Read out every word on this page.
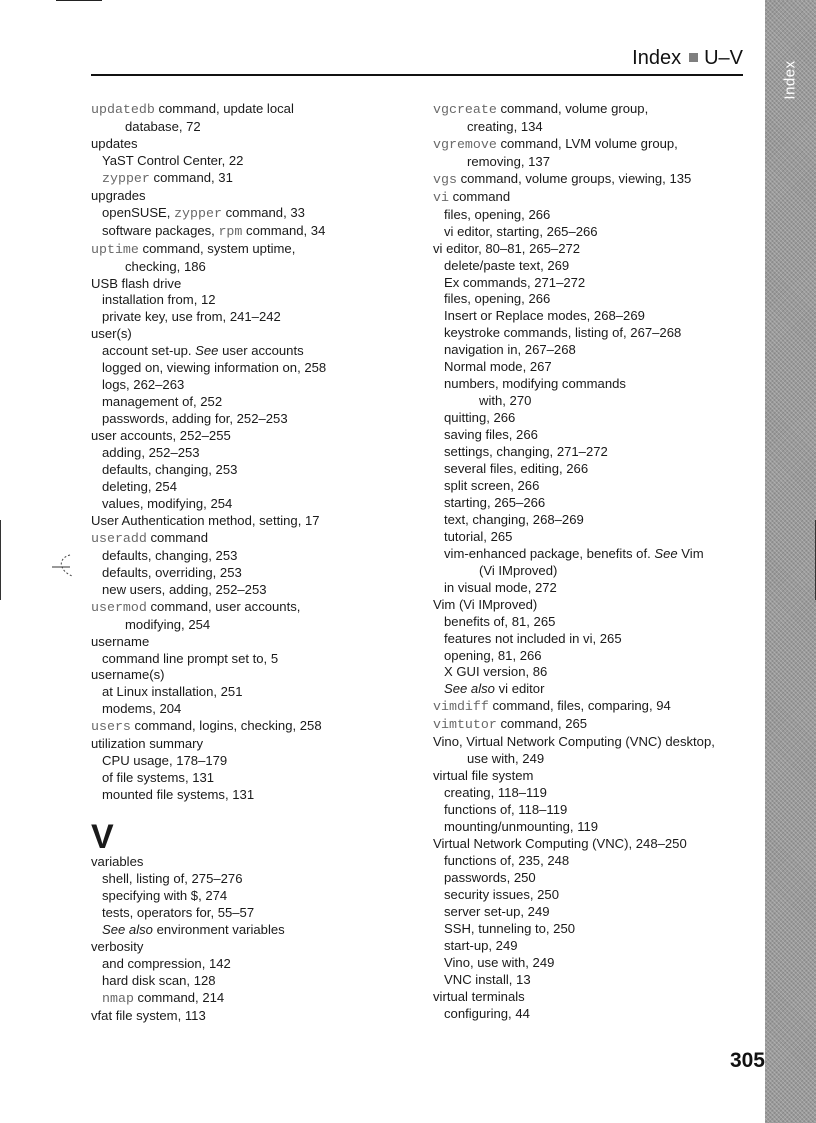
Index
Index U–V
updatedb command, update local
database, 72
updates
YaST Control Center, 22
zypper command, 31
upgrades
openSUSE, zypper command, 33
software packages, rpm command, 34
uptime command, system uptime,
checking, 186
USB flash drive
installation from, 12
private key, use from, 241–242
user(s)
account set-up. See user accounts
logged on, viewing information on, 258
logs, 262–263
management of, 252
passwords, adding for, 252–253
user accounts, 252–255
adding, 252–253
defaults, changing, 253
deleting, 254
values, modifying, 254
User Authentication method, setting, 17
useradd command
defaults, changing, 253
defaults, overriding, 253
new users, adding, 252–253
usermod command, user accounts,
modifying, 254
username
command line prompt set to, 5
username(s)
at Linux installation, 251
modems, 204
users command, logins, checking, 258
utilization summary
CPU usage, 178–179
of file systems, 131
mounted file systems, 131
V
variables
shell, listing of, 275–276
specifying with $, 274
tests, operators for, 55–57
See also environment variables
verbosity
and compression, 142
hard disk scan, 128
nmap command, 214
vfat file system, 113
vgcreate command, volume group,
creating, 134
vgremove command, LVM volume group,
removing, 137
vgs command, volume groups, viewing, 135
vi command
files, opening, 266
vi editor, starting, 265–266
vi editor, 80–81, 265–272
delete/paste text, 269
Ex commands, 271–272
files, opening, 266
Insert or Replace modes, 268–269
keystroke commands, listing of, 267–268
navigation in, 267–268
Normal mode, 267
numbers, modifying commands
with, 270
quitting, 266
saving files, 266
settings, changing, 271–272
several files, editing, 266
split screen, 266
starting, 265–266
text, changing, 268–269
tutorial, 265
vim-enhanced package, benefits of. See Vim
(Vi IMproved)
in visual mode, 272
Vim (Vi IMproved)
benefits of, 81, 265
features not included in vi, 265
opening, 81, 266
X GUI version, 86
See also vi editor
vimdiff command, files, comparing, 94
vimtutor command, 265
Vino, Virtual Network Computing (VNC) desktop,
use with, 249
virtual file system
creating, 118–119
functions of, 118–119
mounting/unmounting, 119
Virtual Network Computing (VNC), 248–250
functions of, 235, 248
passwords, 250
security issues, 250
server set-up, 249
SSH, tunneling to, 250
start-up, 249
Vino, use with, 249
VNC install, 13
virtual terminals
configuring, 44
305
